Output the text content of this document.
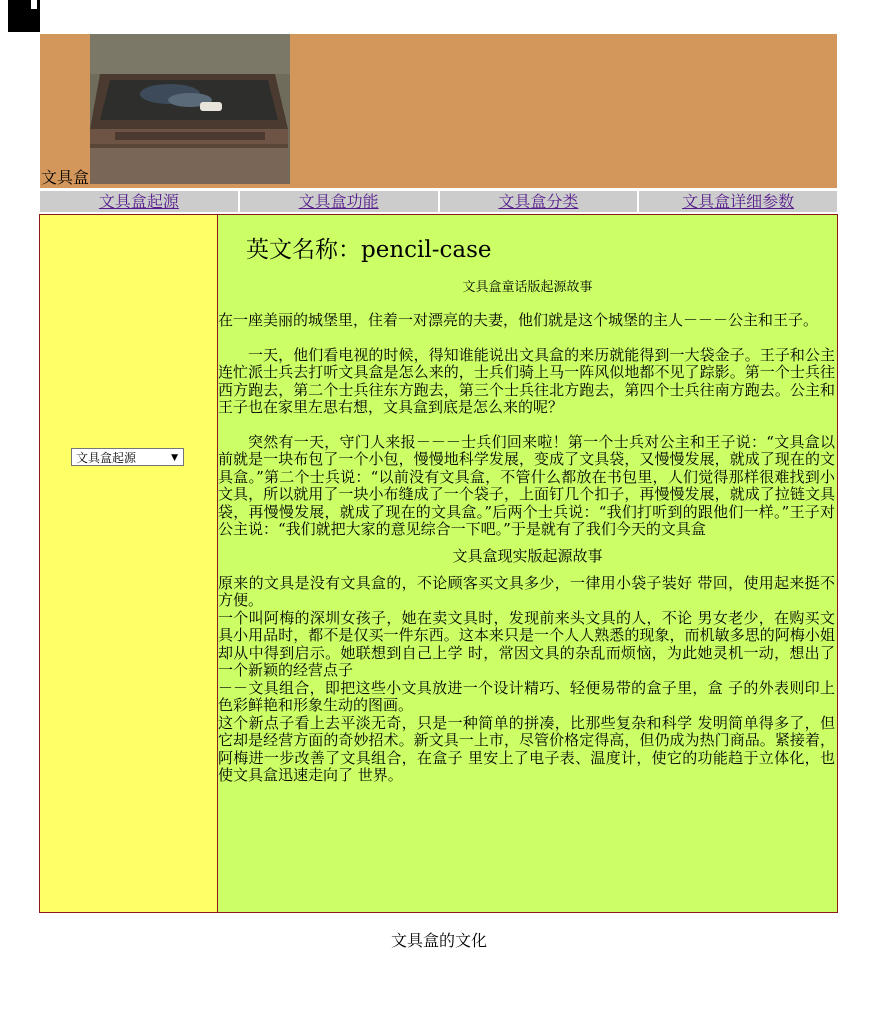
文具盒
文具盒起源	文具盒功能	文具盒分类	文具盒详细参数
文具盒起源	▼
英文名称：pencil-case
文具盒童话版起源故事

在一座美丽的城堡里，住着一对漂亮的夫妻，他们就是这个城堡的主人－－－公主和王子。

一天，他们看电视的时候，得知谁能说出文具盒的来历就能得到一大袋金子。王子和公主连忙派士兵去打听文具盒是怎么来的，士兵们骑上马一阵风似地都不见了踪影。第一个士兵往西方跑去，第二个士兵往东方跑去，第三个士兵往北方跑去，第四个士兵往南方跑去。公主和王子也在家里左思右想，文具盒到底是怎么来的呢？

突然有一天，守门人来报－－－士兵们回来啦！第一个士兵对公主和王子说：“文具盒以前就是一块布包了一个小包，慢慢地科学发展，变成了文具袋，又慢慢发展，就成了现在的文具盒。”第二个士兵说：“以前没有文具盒，不管什么都放在书包里，人们觉得那样很难找到小文具，所以就用了一块小布缝成了一个袋子，上面钉几个扣子，再慢慢发展，就成了拉链文具袋，再慢慢发展，就成了现在的文具盒。”后两个士兵说：“我们打听到的跟他们一样。”王子对公主说：“我们就把大家的意见综合一下吧。”于是就有了我们今天的文具盒

文具盒现实版起源故事

原来的文具是没有文具盒的，不论顾客买文具多少，一律用小袋子装好 带回，使用起来挺不方便。

一个叫阿梅的深圳女孩子，她在卖文具时，发现前来头文具的人，不论 男女老少，在购买文具小用品时，都不是仅买一件东西。这本来只是一个人人熟悉的现象，而机敏多思的阿梅小姐却从中得到启示。她联想到自己上学 时，常因文具的杂乱而烦恼，为此她灵机一动，想出了一个新颖的经营点子

－－文具组合，即把这些小文具放进一个设计精巧、轻便易带的盒子里，盒 子的外表则印上色彩鲜艳和形象生动的图画。

这个新点子看上去平淡无奇，只是一种简单的拼凑，比那些复杂和科学 发明简单得多了，但它却是经营方面的奇妙招术。新文具一上市，尽管价格定得高，但仍成为热门商品。紧接着，阿梅进一步改善了文具组合，在盒子 里安上了电子表、温度计，使它的功能趋于立体化，也使文具盒迅速走向了 世界。

文具盒的文化
